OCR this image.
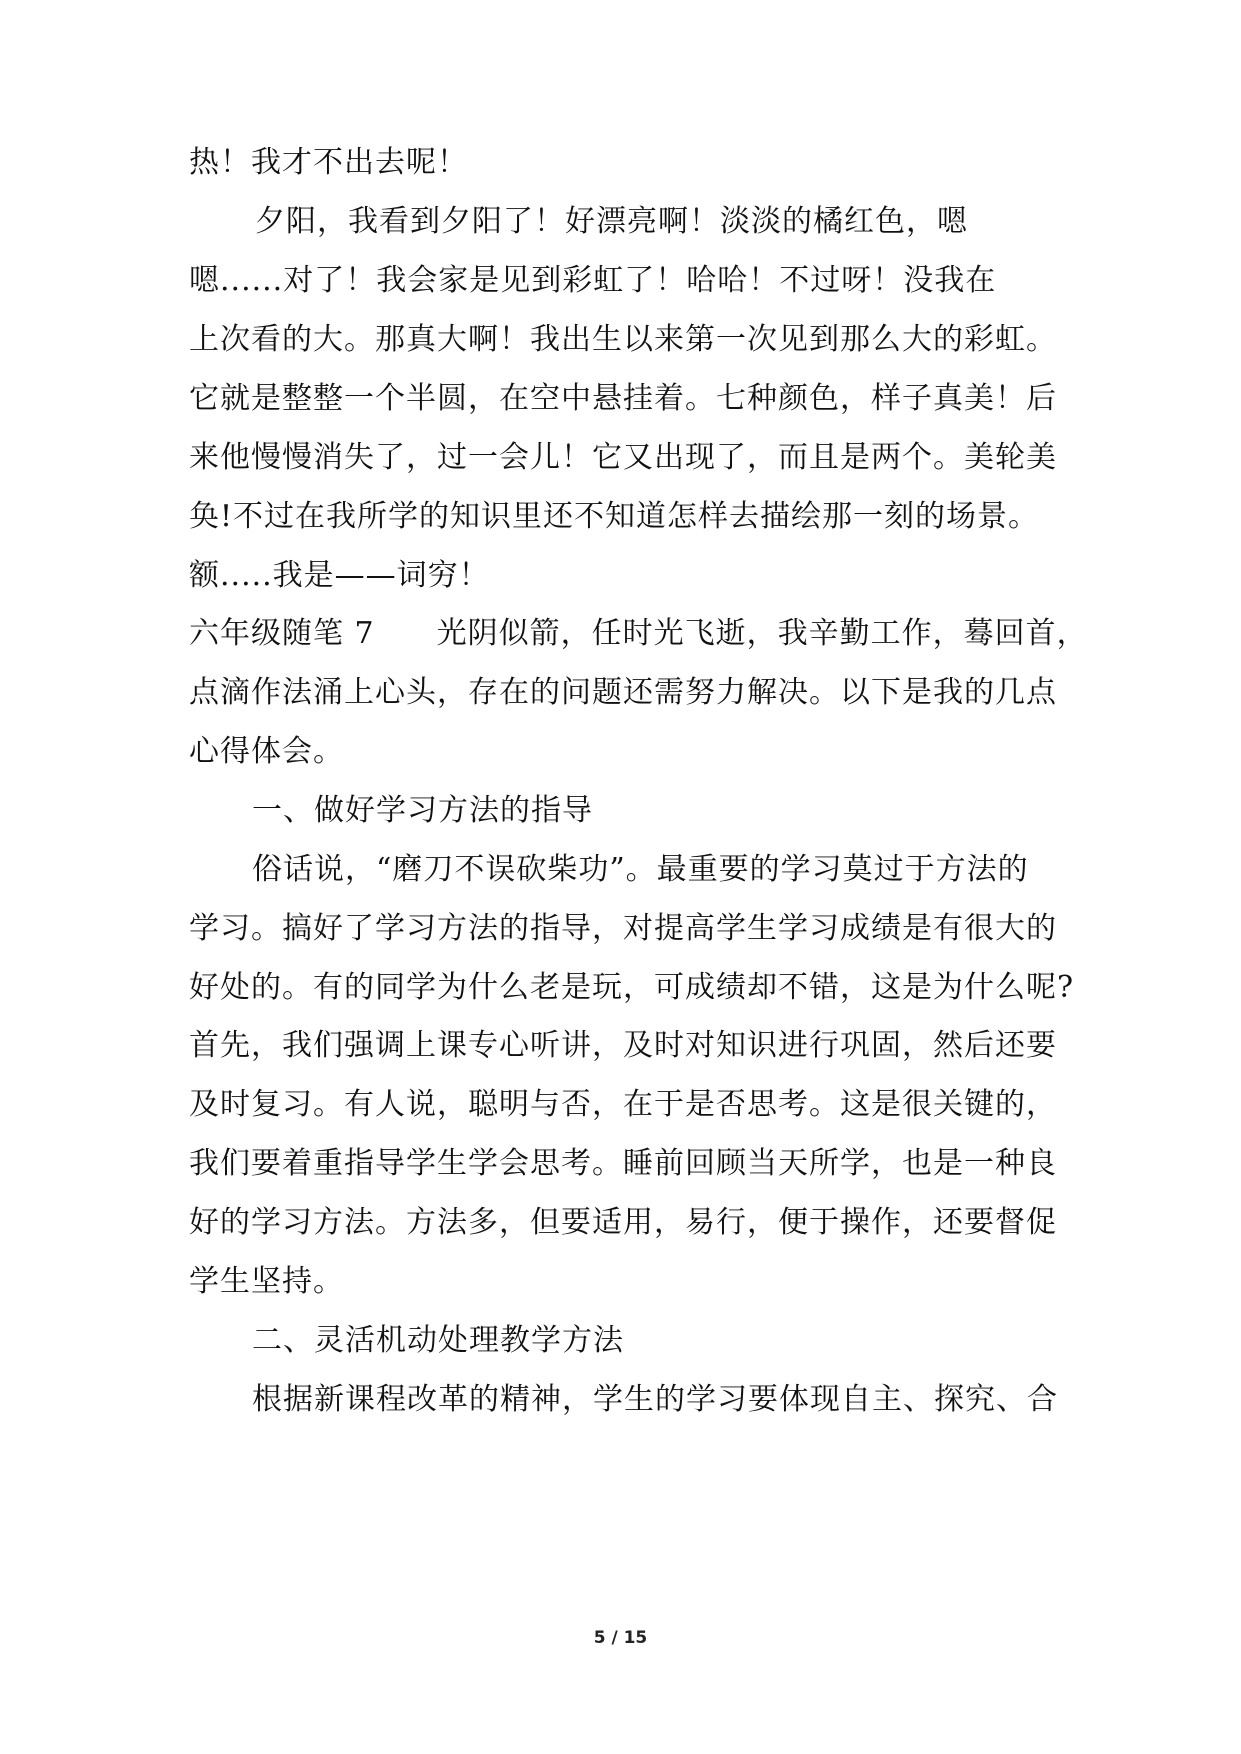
热！我才不出去呢！
夕阳，我看到夕阳了！好漂亮啊！淡淡的橘红色，嗯
嗯......对了！我会家是见到彩虹了！哈哈！不过呀！没我在
上次看的大。那真大啊！我出生以来第一次见到那么大的彩虹。
它就是整整一个半圆，在空中悬挂着。七种颜色，样子真美！后
来他慢慢消失了，过一会儿！它又出现了，而且是两个。美轮美
奂!不过在我所学的知识里还不知道怎样去描绘那一刻的场景。
额.....我是——词穷！
六年级随笔 7　　光阴似箭，任时光飞逝，我辛勤工作，蓦回首，
点滴作法涌上心头，存在的问题还需努力解决。以下是我的几点
心得体会。
一、做好学习方法的指导
俗话说，“磨刀不误砍柴功”。最重要的学习莫过于方法的
学习。搞好了学习方法的指导，对提高学生学习成绩是有很大的
好处的。有的同学为什么老是玩，可成绩却不错，这是为什么呢?
首先，我们强调上课专心听讲，及时对知识进行巩固，然后还要
及时复习。有人说，聪明与否，在于是否思考。这是很关键的，
我们要着重指导学生学会思考。睡前回顾当天所学，也是一种良
好的学习方法。方法多，但要适用，易行，便于操作，还要督促
学生坚持。
二、灵活机动处理教学方法
根据新课程改革的精神，学生的学习要体现自主、探究、合
5 / 15
